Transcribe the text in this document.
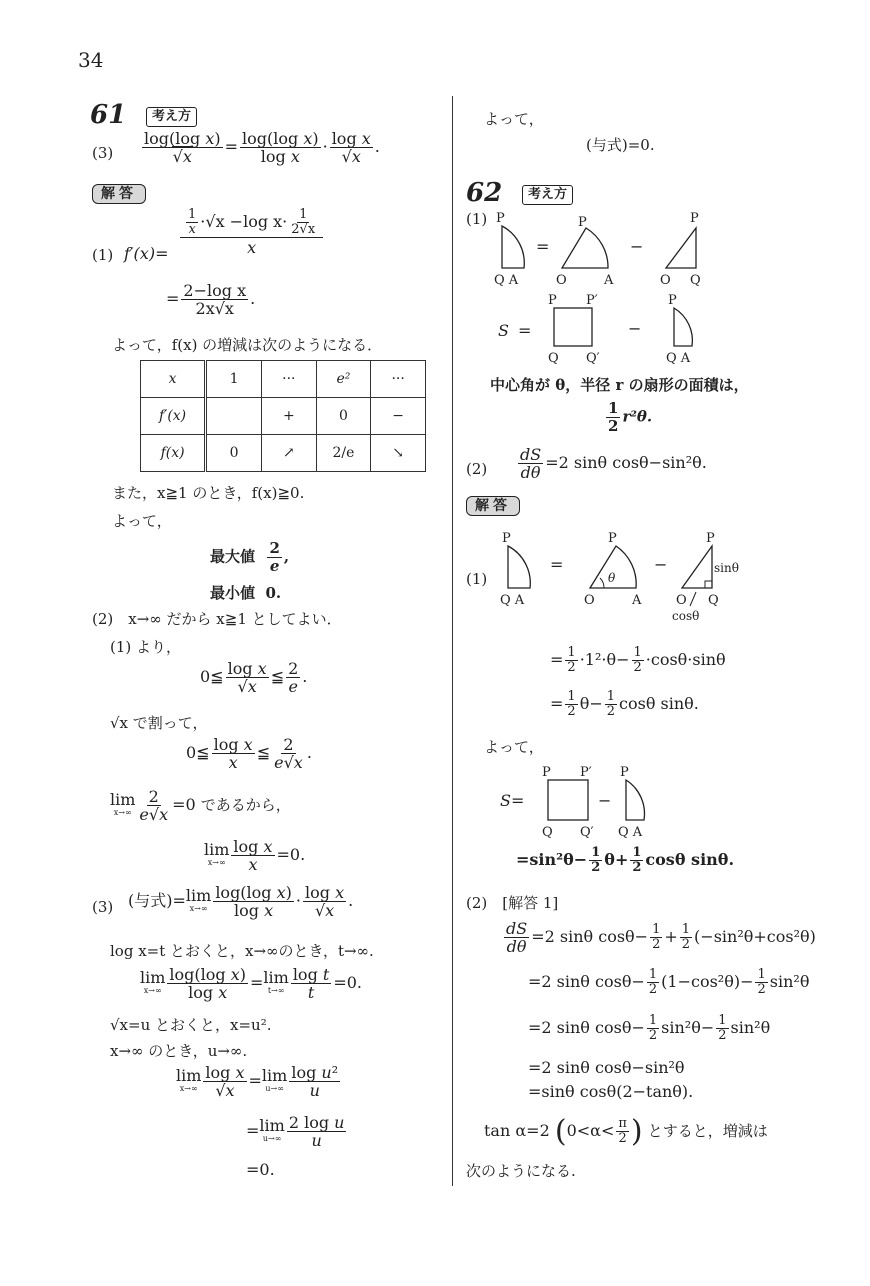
34
61	考え方
$(3) \frac{\text{log(log x)}}{√x} = \frac{\text{log(log x)}}{\text{log x}} \cdot \frac{\text{log x}}{√x}$ .
解答
(1) f′(x)=
$\frac{1}{x} \cdot√x -\log$ $x\cdot \frac{1}{2√x}$
x
= $\frac{\text{2−log x}}{2x√x}$ .
よって，f(x) の増減は次のようになる．
x	1	···	e²	···
f′(x)		+	0	−
f(x)	0	↗	2/e	↘
また，x≧1 のとき，f(x)≧0.
よって，
最大値 $\frac{2}{e}$ ,
最小値 0.
(2)　x→∞ だから x≧1 としてよい．
(1) より，
0≦ $\frac{\text{log x}}{√x}$ ≦ $\frac{2}{e}$ .
√x で割って，
0≦ $\frac{\text{log x}}{x}$ ≦ $\frac{2}{e√x}$ .
lim
$x\to\infty \frac{2}{e√x} =0$ であるから，
lim
$x\to\infty \frac{\text{log x}}{x} =0$.
(3) (与式)= lim
$x\to\infty \frac{\text{log(log x)}}{\text{log x}} \cdot \frac{\text{log x}}{√x}$ .
log x=t とおくと，x→∞のとき，t→∞.
lim
$x\to\infty \frac{\text{log(log x)}}{\text{log x}} = \lim$
$t\to\infty \frac{\text{log t}}{t} =0$.
√x=u とおくと，x=u².
x→∞ のとき，u→∞.
lim
$x\to\infty \frac{\text{log x}}{√x} = \lim$
$u\to\infty \frac{\text{log u²}}{u}$
= lim
$u\to\infty \frac{\text{2 log u}}{u}$
=0.
よって，
(与式)=0.
62	考え方
(1) P
Q A
=
P
O	A
−
P
O Q
S =
P P′
Q Q′
−
P
Q A
中心角が θ，半径 r の扇形の面積は，
$\frac{1}{2} r^2\theta$.
$(2) \frac{dS}{d\theta} =2$ sinθ cosθ−sin²θ.
解答
(1)
P
Q A
=
θ
P
O	A
−
P
O Q
sinθ
cosθ
= $\frac{1}{2} \cdot 1^2\cdot\theta- \frac{1}{2} \cdot\cos\theta\cdot\sin\theta$
= $\frac{1}{2} \theta- \frac{1}{2}$ cosθ sinθ.
よって，
S=
P P′
Q Q′
−
P
Q A
$=\sin^2\theta- \frac{1}{2} \theta+ \frac{1}{2}$ cosθ sinθ.
(2)　[解答 1]
$\frac{dS}{d\theta} =2$ sinθ $\cos\theta- \frac{1}{2} + \frac{1}{2} (-\sin^2\theta+\cos^2\theta)$
=2 sinθ $\cos\theta- \frac{1}{2} (1-\cos^2\theta)- \frac{1}{2} \sin^2\theta$
=2 sinθ $\cos\theta- \frac{1}{2} \sin^2\theta- \frac{1}{2} \sin^2\theta$
=2 sinθ cosθ−sin²θ
=sinθ cosθ(2−tanθ).
tan α=2 ($0<\alpha< \frac{\pi}{2}$ ) とすると，増減は
次のようになる.
